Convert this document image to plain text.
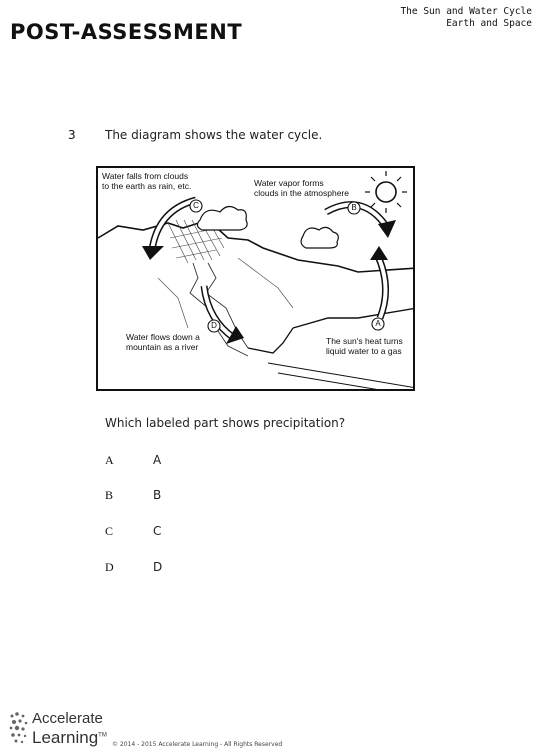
POST-ASSESSMENT
The Sun and Water Cycle
Earth and Space
3 The diagram shows the water cycle.
C	B
A
D
Water falls from clouds
to the earth as rain, etc.	Water vapor forms
clouds in the atmosphere
Water flows down a
mountain as a river
The sun's heat turns
liquid water to a gas
Which labeled part shows precipitation?
A	A
B	B
C	C
D	D
Accelerate
Learning™
© 2014 - 2015 Accelerate Learning - All Rights Reserved
